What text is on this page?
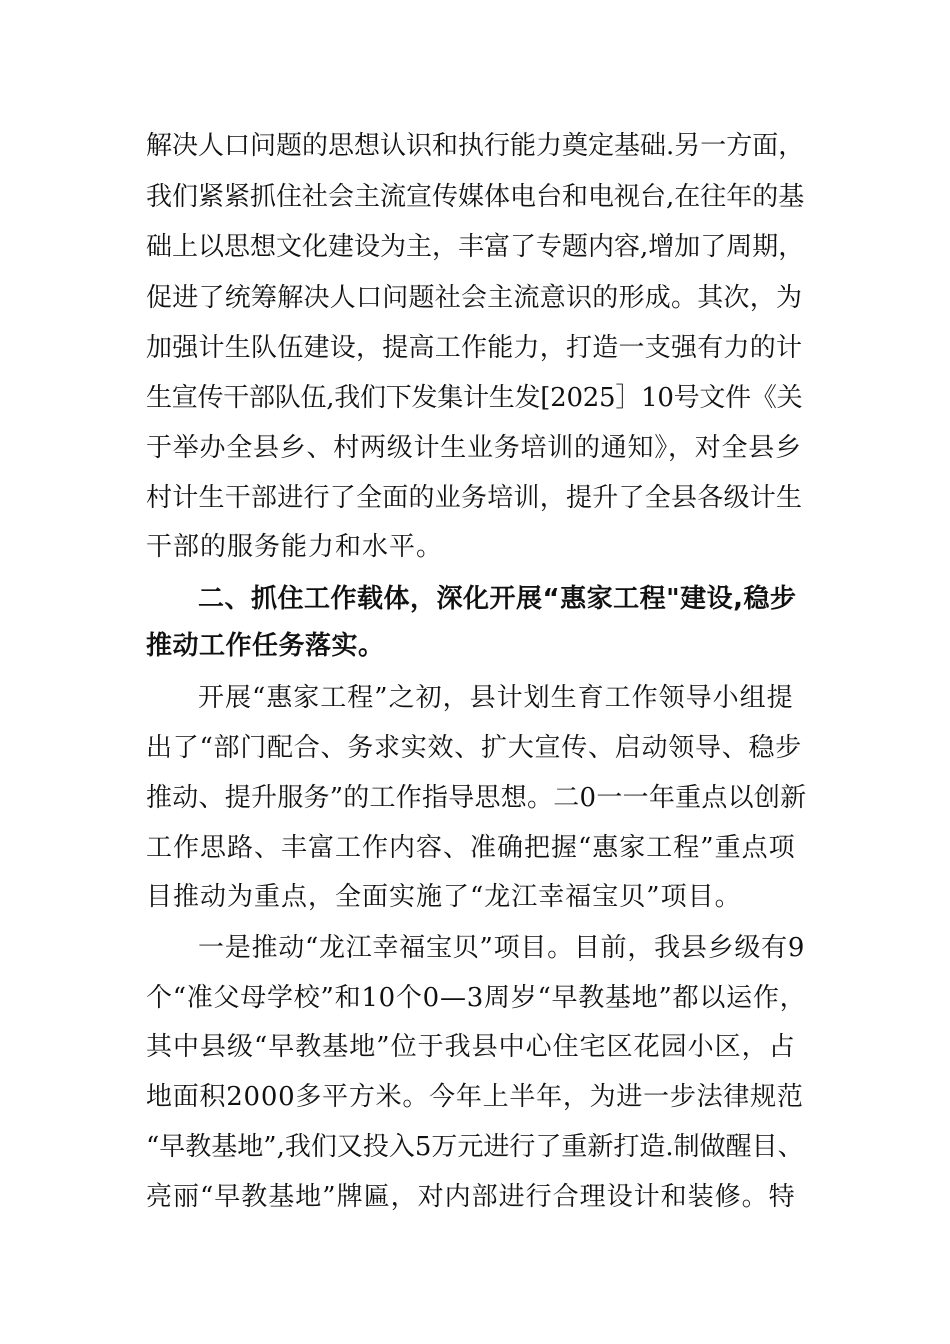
解决人口问题的思想认识和执行能力奠定基础.另一方面，
我们紧紧抓住社会主流宣传媒体电台和电视台,在往年的基
础上以思想文化建设为主，丰富了专题内容,增加了周期，
促进了统筹解决人口问题社会主流意识的形成。其次，为
加强计生队伍建设，提高工作能力，打造一支强有力的计
生宣传干部队伍,我们下发集计生发[2025］10号文件《关
于举办全县乡、村两级计生业务培训的通知》，对全县乡
村计生干部进行了全面的业务培训，提升了全县各级计生
干部的服务能力和水平。
二、抓住工作载体，深化开展“惠家工程"建设,稳步
推动工作任务落实。
开展“惠家工程”之初，县计划生育工作领导小组提
出了“部门配合、务求实效、扩大宣传、启动领导、稳步
推动、提升服务”的工作指导思想。二0一一年重点以创新
工作思路、丰富工作内容、准确把握“惠家工程”重点项
目推动为重点，全面实施了“龙江幸福宝贝”项目。
一是推动“龙江幸福宝贝”项目。目前，我县乡级有9
个“准父母学校”和10个0—3周岁“早教基地”都以运作，
其中县级“早教基地”位于我县中心住宅区花园小区，占
地面积2000多平方米。今年上半年，为进一步法律规范
“早教基地”,我们又投入5万元进行了重新打造.制做醒目、
亮丽“早教基地”牌匾，对内部进行合理设计和装修。特
